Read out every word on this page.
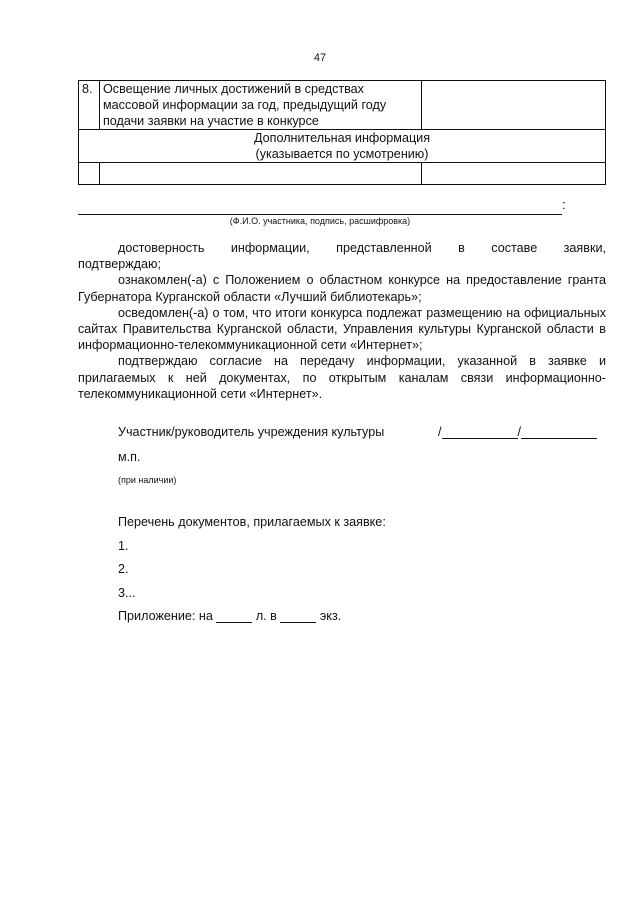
47
8.	Освещение личных достижений в средствах
массовой информации за год, предыдущий году
подачи заявки на участие в конкурсе	

Дополнительная информация
(указывается по усмотрению)		

:
(Ф.И.О. участника, подпись, расшифровка)

достоверность информации, представленной в составе заявки,

подтверждаю;

ознакомлен(-а) с Положением о областном конкурсе на предоставление гранта Губернатора Курганской области «Лучший библиотекарь»;

осведомлен(-а) о том, что итоги конкурса подлежат размещению на официальных сайтах Правительства Курганской области, Управления культуры Курганской области в информационно-телекоммуникационной сети «Интернет»;

подтверждаю согласие на передачу информации, указанной в заявке и прилагаемых к ней документах, по открытым каналам связи информационно-телекоммуникационной сети «Интернет».

Участник/руководитель учреждения культуры	/	/
м.п.
(при наличии)
Перечень документов, прилагаемых к заявке:
1.
2.
3...
Приложение: на	л. в	экз.
